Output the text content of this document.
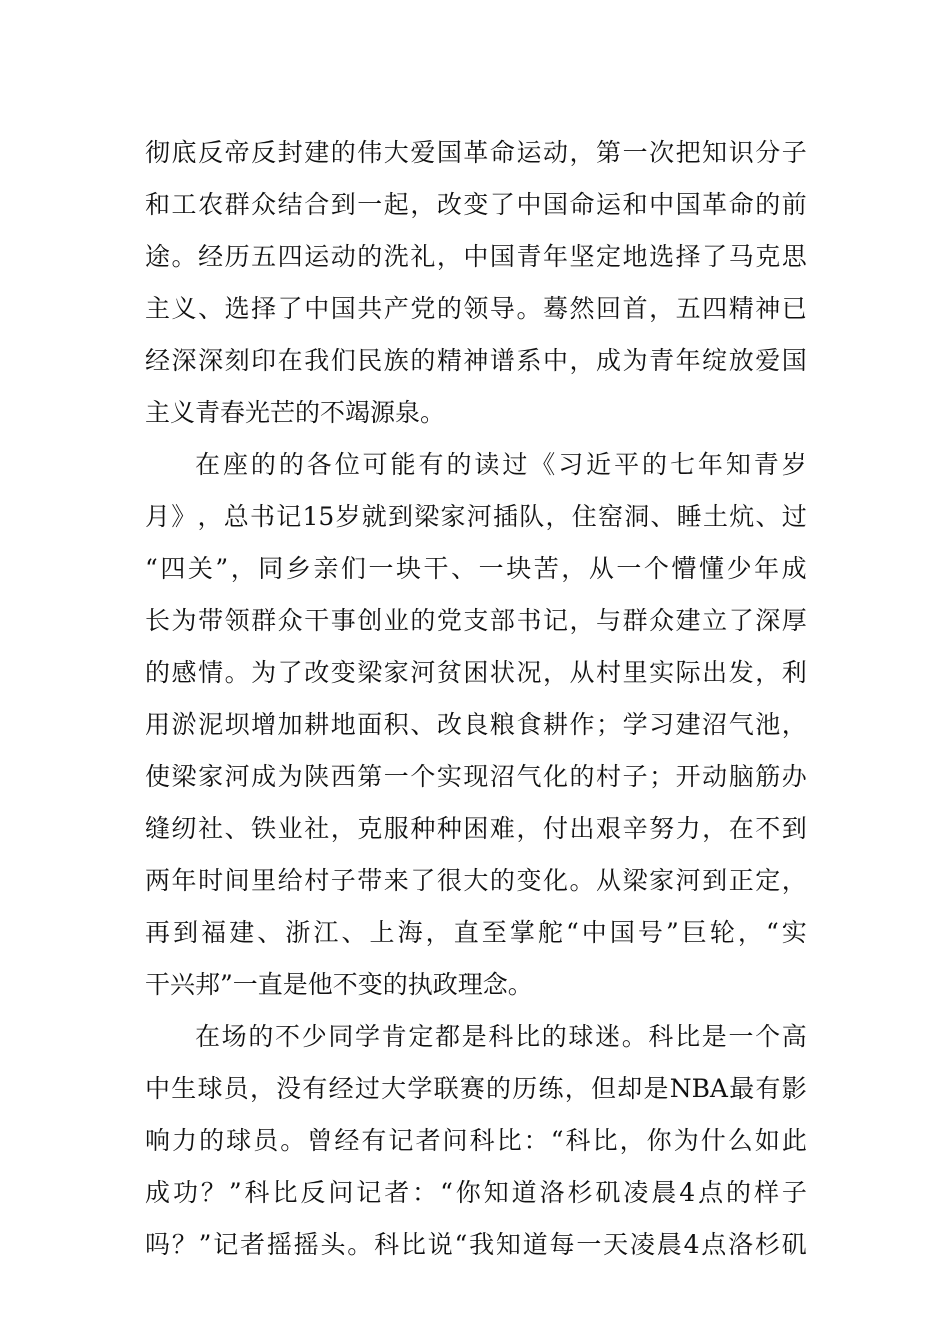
彻 底 反 帝 反 封 建 的 伟 大 爱 国 革 命 运 动 ， 第 一 次 把 知 识 分 子
和 工 农 群 众 结 合 到 一 起 ， 改 变 了 中 国 命 运 和 中 国 革 命 的 前
途 。 经 历 五 四 运 动 的 洗 礼 ， 中 国 青 年 坚 定 地 选 择 了 马 克 思
主 义 、 选 择 了 中 国 共 产 党 的 领 导 。 蓦 然 回 首 ， 五 四 精 神 已
经 深 深 刻 印 在 我 们 民 族 的 精 神 谱 系 中 ， 成 为 青 年 绽 放 爱 国
主义青春光芒的不竭源泉。
在 座 的 的 各 位 可 能 有 的 读 过 《 习 近 平 的 七 年 知 青 岁
月 》 ， 总 书 记 15 岁 就 到 梁 家 河 插 队 ， 住 窑 洞 、 睡 土 炕 、 过
“ 四 关 ” ， 同 乡 亲 们 一 块 干 、 一 块 苦 ， 从 一 个 懵 懂 少 年 成
长 为 带 领 群 众 干 事 创 业 的 党 支 部 书 记 ， 与 群 众 建 立 了 深 厚
的 感 情 。 为 了 改 变 梁 家 河 贫 困 状 况 ， 从 村 里 实 际 出 发 ， 利
用 淤 泥 坝 增 加 耕 地 面 积 、 改 良 粮 食 耕 作 ； 学 习 建 沼 气 池 ，
使 梁 家 河 成 为 陕 西 第 一 个 实 现 沼 气 化 的 村 子 ； 开 动 脑 筋 办
缝 纫 社 、 铁 业 社 ， 克 服 种 种 困 难 ， 付 出 艰 辛 努 力 ， 在 不 到
两 年 时 间 里 给 村 子 带 来 了 很 大 的 变 化 。 从 梁 家 河 到 正 定 ，
再 到 福 建 、 浙 江 、 上 海 ， 直 至 掌 舵 “ 中 国 号 ” 巨 轮 ， “ 实
干兴邦”一直是他不变的执政理念。
在 场 的 不 少 同 学 肯 定 都 是 科 比 的 球 迷 。 科 比 是 一 个 高
中 生 球 员 ， 没 有 经 过 大 学 联 赛 的 历 练 ， 但 却 是 NBA 最 有 影
响 力 的 球 员 。 曾 经 有 记 者 问 科 比 ： “ 科 比 ， 你 为 什 么 如 此
成 功 ？ ” 科 比 反 问 记 者 ： “ 你 知 道 洛 杉 矶 凌 晨 4 点 的 样 子
吗 ？ ” 记 者 摇 摇 头 。 科 比 说 “ 我 知 道 每 一 天 凌 晨 4 点 洛 杉 矶
